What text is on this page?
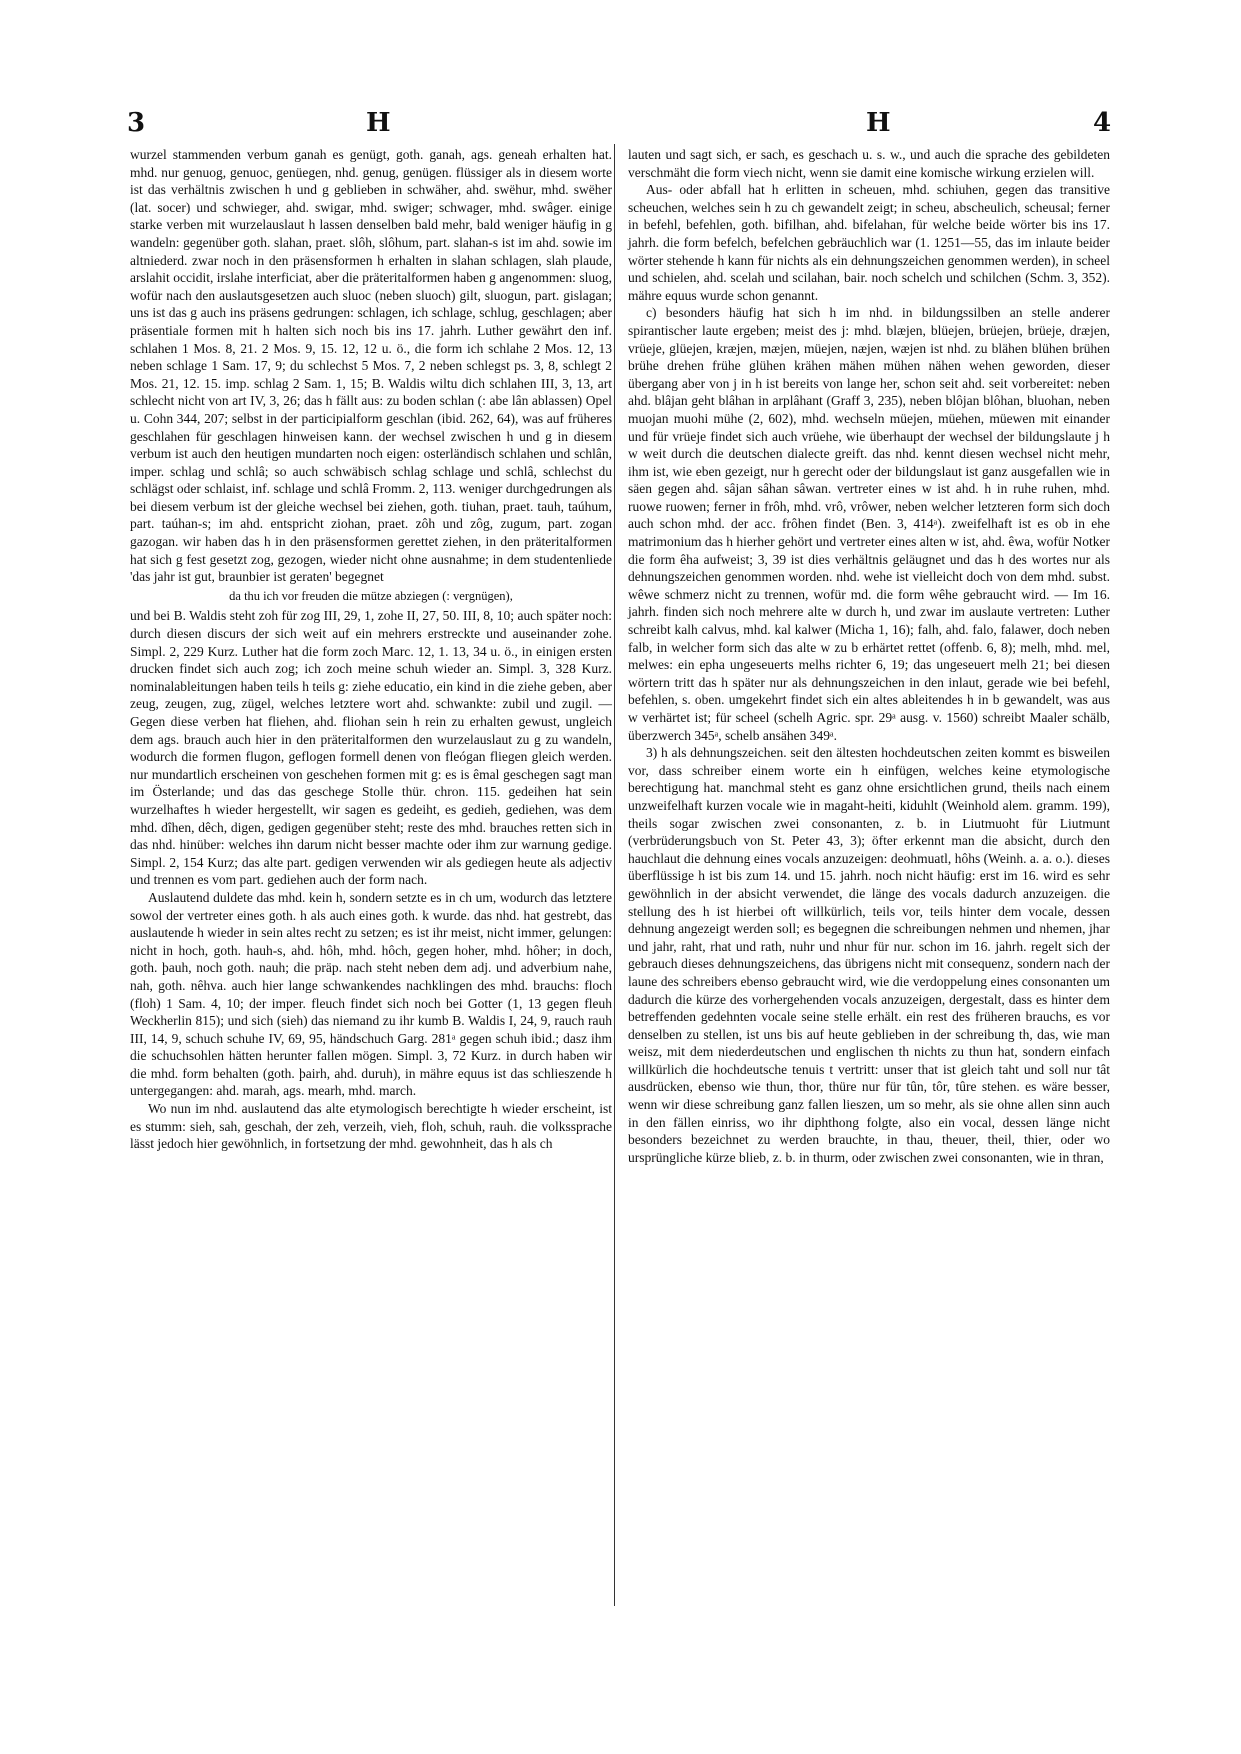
3	H	H	4

wurzel stammenden verbum ganah es genügt, goth. ganah, ags. geneah erhalten hat. mhd. nur genuog, genuoc, genüegen, nhd. genug, genügen. flüssiger als in diesem worte ist das verhältnis zwischen h und g geblieben in schwäher, ahd. swëhur, mhd. swëher (lat. socer) und schwieger, ahd. swigar, mhd. swiger; schwager, mhd. swâger. einige starke verben mit wurzelauslaut h lassen denselben bald mehr, bald weniger häufig in g wandeln: gegenüber goth. slahan, praet. slôh, slôhum, part. slahan-s ist im ahd. sowie im altniederd. zwar noch in den präsensformen h erhalten in slahan schlagen, slah plaude, arslahit occidit, irslahe interficiat, aber die präteritalformen haben g angenommen: sluog, wofür nach den auslautsgesetzen auch sluoc (neben sluoch) gilt, sluogun, part. gislagan; uns ist das g auch ins präsens gedrungen: schlagen, ich schlage, schlug, geschlagen; aber präsentiale formen mit h halten sich noch bis ins 17. jahrh. Luther gewährt den inf. schlahen 1 Mos. 8, 21. 2 Mos. 9, 15. 12, 12 u. ö., die form ich schlahe 2 Mos. 12, 13 neben schlage 1 Sam. 17, 9; du schlechst 5 Mos. 7, 2 neben schlegst ps. 3, 8, schlegt 2 Mos. 21, 12. 15. imp. schlag 2 Sam. 1, 15; B. Waldis wiltu dich schlahen III, 3, 13, art schlecht nicht von art IV, 3, 26; das h fällt aus: zu boden schlan (: abe lân ablassen) Opel u. Cohn 344, 207; selbst in der participialform geschlan (ibid. 262, 64), was auf früheres geschlahen für geschlagen hinweisen kann. der wechsel zwischen h und g in diesem verbum ist auch den heutigen mundarten noch eigen: osterländisch schlahen und schlân, imper. schlag und schlâ; so auch schwäbisch schlag schlage und schlâ, schlechst du schlägst oder schlaist, inf. schlage und schlâ Fromm. 2, 113. weniger durchgedrungen als bei diesem verbum ist der gleiche wechsel bei ziehen, goth. tiuhan, praet. tauh, taúhum, part. taúhan-s; im ahd. entspricht ziohan, praet. zôh und zôg, zugum, part. zogan gazogan. wir haben das h in den präsensformen gerettet ziehen, in den präteritalformen hat sich g fest gesetzt zog, gezogen, wieder nicht ohne ausnahme; in dem studentenliede 'das jahr ist gut, braunbier ist geraten' begegnet

da thu ich vor freuden die mütze abziegen (: vergnügen),

und bei B. Waldis steht zoh für zog III, 29, 1, zohe II, 27, 50. III, 8, 10; auch später noch: durch diesen discurs der sich weit auf ein mehrers erstreckte und auseinander zohe. Simpl. 2, 229 Kurz. Luther hat die form zoch Marc. 12, 1. 13, 34 u. ö., in einigen ersten drucken findet sich auch zog; ich zoch meine schuh wieder an. Simpl. 3, 328 Kurz. nominalableitungen haben teils h teils g: ziehe educatio, ein kind in die ziehe geben, aber zeug, zeugen, zug, zügel, welches letztere wort ahd. schwankte: zubil und zugil. — Gegen diese verben hat fliehen, ahd. fliohan sein h rein zu erhalten gewust, ungleich dem ags. brauch auch hier in den präteritalformen den wurzelauslaut zu g zu wandeln, wodurch die formen flugon, geflogen formell denen von fleógan fliegen gleich werden. nur mundartlich erscheinen von geschehen formen mit g: es is êmal geschegen sagt man im Österlande; und das das geschege Stolle thür. chron. 115. gedeihen hat sein wurzelhaftes h wieder hergestellt, wir sagen es gedeiht, es gedieh, gediehen, was dem mhd. dîhen, dêch, digen, gedigen gegenüber steht; reste des mhd. brauches retten sich in das nhd. hinüber: welches ihn darum nicht besser machte oder ihm zur warnung gedige. Simpl. 2, 154 Kurz; das alte part. gedigen verwenden wir als gediegen heute als adjectiv und trennen es vom part. gediehen auch der form nach.

Auslautend duldete das mhd. kein h, sondern setzte es in ch um, wodurch das letztere sowol der vertreter eines goth. h als auch eines goth. k wurde. das nhd. hat gestrebt, das auslautende h wieder in sein altes recht zu setzen; es ist ihr meist, nicht immer, gelungen: nicht in hoch, goth. hauh-s, ahd. hôh, mhd. hôch, gegen hoher, mhd. hôher; in doch, goth. þauh, noch goth. nauh; die präp. nach steht neben dem adj. und adverbium nahe, nah, goth. nêhva. auch hier lange schwankendes nachklingen des mhd. brauchs: floch (floh) 1 Sam. 4, 10; der imper. fleuch findet sich noch bei Gotter (1, 13 gegen fleuh Weckherlin 815); und sich (sieh) das niemand zu ihr kumb B. Waldis I, 24, 9, rauch rauh III, 14, 9, schuch schuhe IV, 69, 95, händschuch Garg. 281ᵃ gegen schuh ibid.; dasz ihm die schuchsohlen hätten herunter fallen mögen. Simpl. 3, 72 Kurz. in durch haben wir die mhd. form behalten (goth. þairh, ahd. duruh), in mähre equus ist das schlieszende h untergegangen: ahd. marah, ags. mearh, mhd. march.

Wo nun im nhd. auslautend das alte etymologisch berechtigte h wieder erscheint, ist es stumm: sieh, sah, geschah, der zeh, verzeih, vieh, floh, schuh, rauh. die volkssprache lässt jedoch hier gewöhnlich, in fortsetzung der mhd. gewohnheit, das h als ch

lauten und sagt sich, er sach, es geschach u. s. w., und auch die sprache des gebildeten verschmäht die form viech nicht, wenn sie damit eine komische wirkung erzielen will.

Aus- oder abfall hat h erlitten in scheuen, mhd. schiuhen, gegen das transitive scheuchen, welches sein h zu ch gewandelt zeigt; in scheu, abscheulich, scheusal; ferner in befehl, befehlen, goth. bifilhan, ahd. bifelahan, für welche beide wörter bis ins 17. jahrh. die form befelch, befelchen gebräuchlich war (1. 1251—55, das im inlaute beider wörter stehende h kann für nichts als ein dehnungszeichen genommen werden), in scheel und schielen, ahd. scelah und scilahan, bair. noch schelch und schilchen (Schm. 3, 352). mähre equus wurde schon genannt.

c) besonders häufig hat sich h im nhd. in bildungssilben an stelle anderer spirantischer laute ergeben; meist des j: mhd. blæjen, blüejen, brüejen, brüeje, dræjen, vrüeje, glüejen, kræjen, mæjen, müejen, næjen, wæjen ist nhd. zu blähen blühen brühen brühe drehen frühe glühen krähen mähen mühen nähen wehen geworden, dieser übergang aber von j in h ist bereits von lange her, schon seit ahd. seit vorbereitet: neben ahd. blâjan geht blâhan in arplâhant (Graff 3, 235), neben blôjan blôhan, bluohan, neben muojan muohi mühe (2, 602), mhd. wechseln müejen, müehen, müewen mit einander und für vrüeje findet sich auch vrüehe, wie überhaupt der wechsel der bildungslaute j h w weit durch die deutschen dialecte greift. das nhd. kennt diesen wechsel nicht mehr, ihm ist, wie eben gezeigt, nur h gerecht oder der bildungslaut ist ganz ausgefallen wie in säen gegen ahd. sâjan sâhan sâwan. vertreter eines w ist ahd. h in ruhe ruhen, mhd. ruowe ruowen; ferner in frôh, mhd. vrô, vrôwer, neben welcher letzteren form sich doch auch schon mhd. der acc. frôhen findet (Ben. 3, 414ᵃ). zweifelhaft ist es ob in ehe matrimonium das h hierher gehört und vertreter eines alten w ist, ahd. êwa, wofür Notker die form êha aufweist; 3, 39 ist dies verhältnis geläugnet und das h des wortes nur als dehnungszeichen genommen worden. nhd. wehe ist vielleicht doch von dem mhd. subst. wêwe schmerz nicht zu trennen, wofür md. die form wêhe gebraucht wird. — Im 16. jahrh. finden sich noch mehrere alte w durch h, und zwar im auslaute vertreten: Luther schreibt kalh calvus, mhd. kal kalwer (Micha 1, 16); falh, ahd. falo, falawer, doch neben falb, in welcher form sich das alte w zu b erhärtet rettet (offenb. 6, 8); melh, mhd. mel, melwes: ein epha ungeseuerts melhs richter 6, 19; das ungeseuert melh 21; bei diesen wörtern tritt das h später nur als dehnungszeichen in den inlaut, gerade wie bei befehl, befehlen, s. oben. umgekehrt findet sich ein altes ableitendes h in b gewandelt, was aus w verhärtet ist; für scheel (schelh Agric. spr. 29ᵃ ausg. v. 1560) schreibt Maaler schälb, überzwerch 345ᵃ, schelb ansähen 349ᵃ.

3) h als dehnungszeichen. seit den ältesten hochdeutschen zeiten kommt es bisweilen vor, dass schreiber einem worte ein h einfügen, welches keine etymologische berechtigung hat. manchmal steht es ganz ohne ersichtlichen grund, theils nach einem unzweifelhaft kurzen vocale wie in magaht-heiti, kiduhlt (Weinhold alem. gramm. 199), theils sogar zwischen zwei consonanten, z. b. in Liutmuoht für Liutmunt (verbrüderungsbuch von St. Peter 43, 3); öfter erkennt man die absicht, durch den hauchlaut die dehnung eines vocals anzuzeigen: deohmuatl, hôhs (Weinh. a. a. o.). dieses überflüssige h ist bis zum 14. und 15. jahrh. noch nicht häufig: erst im 16. wird es sehr gewöhnlich in der absicht verwendet, die länge des vocals dadurch anzuzeigen. die stellung des h ist hierbei oft willkürlich, teils vor, teils hinter dem vocale, dessen dehnung angezeigt werden soll; es begegnen die schreibungen nehmen und nhemen, jhar und jahr, raht, rhat und rath, nuhr und nhur für nur. schon im 16. jahrh. regelt sich der gebrauch dieses dehnungszeichens, das übrigens nicht mit consequenz, sondern nach der laune des schreibers ebenso gebraucht wird, wie die verdoppelung eines consonanten um dadurch die kürze des vorhergehenden vocals anzuzeigen, dergestalt, dass es hinter dem betreffenden gedehnten vocale seine stelle erhält. ein rest des früheren brauchs, es vor denselben zu stellen, ist uns bis auf heute geblieben in der schreibung th, das, wie man weisz, mit dem niederdeutschen und englischen th nichts zu thun hat, sondern einfach willkürlich die hochdeutsche tenuis t vertritt: unser that ist gleich taht und soll nur tât ausdrücken, ebenso wie thun, thor, thüre nur für tûn, tôr, tûre stehen. es wäre besser, wenn wir diese schreibung ganz fallen lieszen, um so mehr, als sie ohne allen sinn auch in den fällen einriss, wo ihr diphthong folgte, also ein vocal, dessen länge nicht besonders bezeichnet zu werden brauchte, in thau, theuer, theil, thier, oder wo ursprüngliche kürze blieb, z. b. in thurm, oder zwischen zwei consonanten, wie in thran,
